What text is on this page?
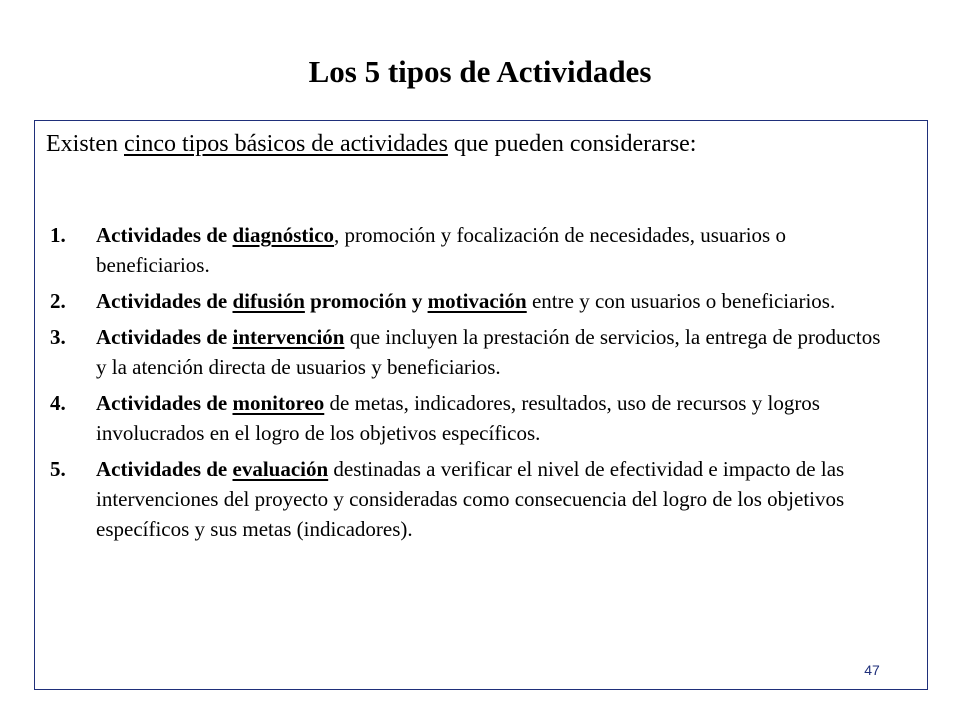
Los 5 tipos de Actividades
Existen cinco tipos básicos de actividades que pueden considerarse:
1. Actividades de diagnóstico, promoción y focalización de necesidades, usuarios o beneficiarios.
2. Actividades de difusión promoción y motivación entre y con usuarios o beneficiarios.
3. Actividades de intervención que incluyen la prestación de servicios, la entrega de productos y la atención directa de usuarios y beneficiarios.
4. Actividades de monitoreo de metas, indicadores, resultados, uso de recursos y logros involucrados en el logro de los objetivos específicos.
5. Actividades de evaluación destinadas a verificar el nivel de efectividad e impacto de las intervenciones del proyecto y consideradas como consecuencia del logro de los objetivos específicos y sus metas (indicadores).
47
